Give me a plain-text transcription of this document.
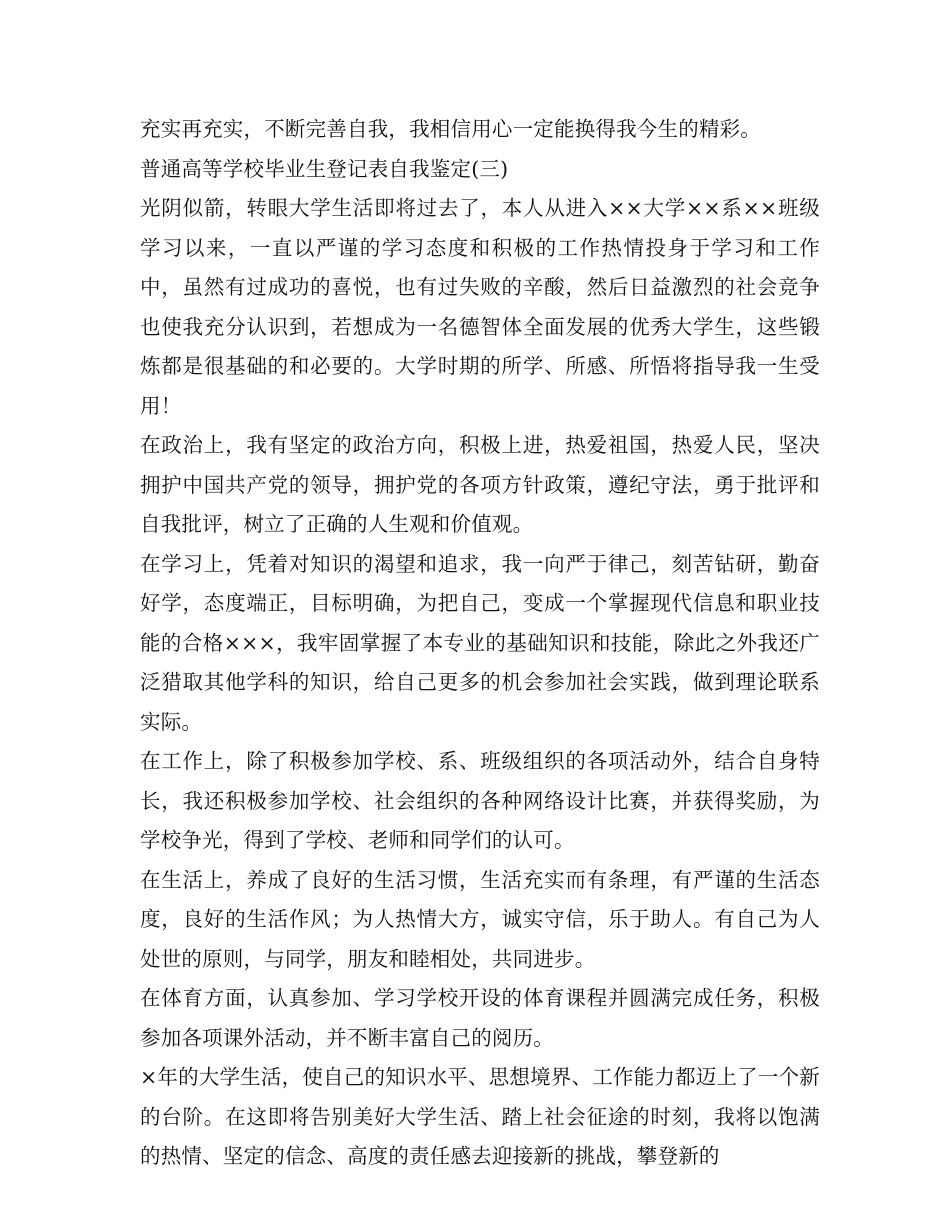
充实再充实，不断完善自我，我相信用心一定能换得我今生的精彩。

普通高等学校毕业生登记表自我鉴定(三)

光阴似箭，转眼大学生活即将过去了，本人从进入××大学××系××班级学习以来，一直以严谨的学习态度和积极的工作热情投身于学习和工作中，虽然有过成功的喜悦，也有过失败的辛酸，然后日益激烈的社会竞争也使我充分认识到，若想成为一名德智体全面发展的优秀大学生，这些锻炼都是很基础的和必要的。大学时期的所学、所感、所悟将指导我一生受用！

在政治上，我有坚定的政治方向，积极上进，热爱祖国，热爱人民，坚决拥护中国共产党的领导，拥护党的各项方针政策，遵纪守法，勇于批评和自我批评，树立了正确的人生观和价值观。

在学习上，凭着对知识的渴望和追求，我一向严于律己，刻苦钻研，勤奋好学，态度端正，目标明确，为把自己，变成一个掌握现代信息和职业技能的合格×××，我牢固掌握了本专业的基础知识和技能，除此之外我还广泛猎取其他学科的知识，给自己更多的机会参加社会实践，做到理论联系实际。

在工作上，除了积极参加学校、系、班级组织的各项活动外，结合自身特长，我还积极参加学校、社会组织的各种网络设计比赛，并获得奖励，为学校争光，得到了学校、老师和同学们的认可。

在生活上，养成了良好的生活习惯，生活充实而有条理，有严谨的生活态度，良好的生活作风；为人热情大方，诚实守信，乐于助人。有自己为人处世的原则，与同学，朋友和睦相处，共同进步。

在体育方面，认真参加、学习学校开设的体育课程并圆满完成任务，积极参加各项课外活动，并不断丰富自己的阅历。

×年的大学生活，使自己的知识水平、思想境界、工作能力都迈上了一个新的台阶。在这即将告别美好大学生活、踏上社会征途的时刻，我将以饱满的热情、坚定的信念、高度的责任感去迎接新的挑战，攀登新的
